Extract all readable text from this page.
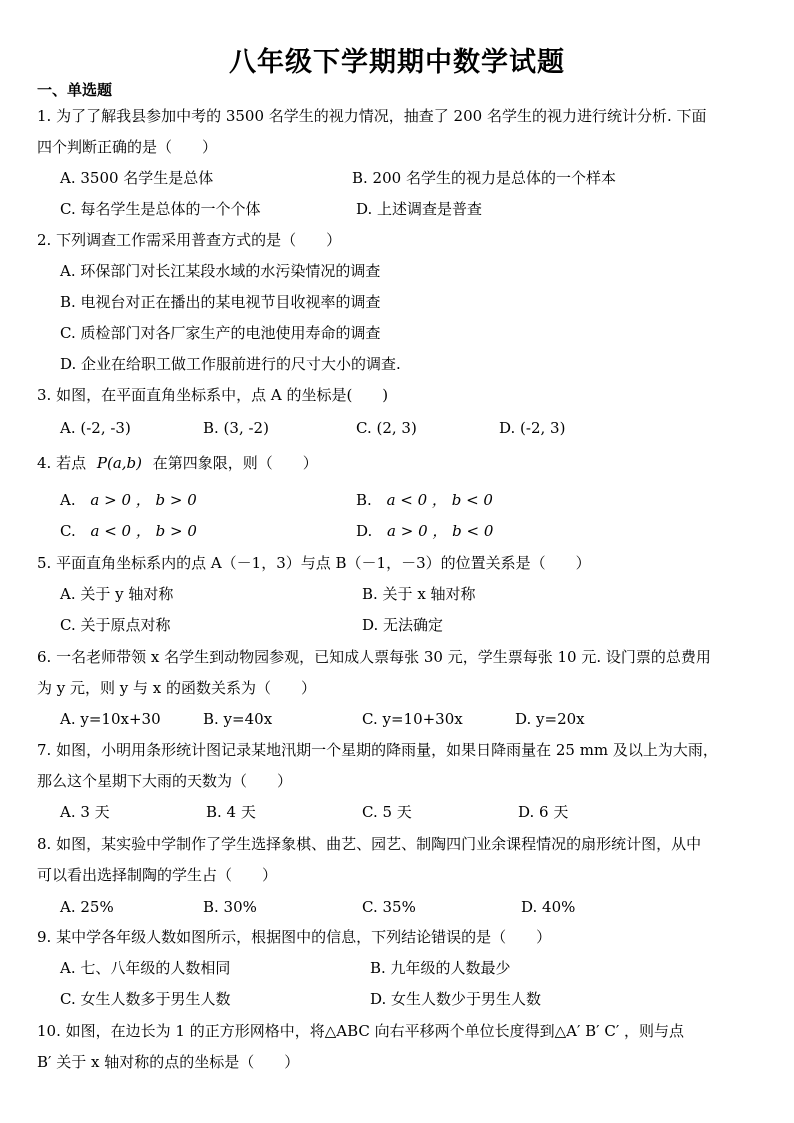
八年级下学期期中数学试题
一、单选题
1. 为了了解我县参加中考的 3500 名学生的视力情况，抽查了 200 名学生的视力进行统计分析. 下面
四个判断正确的是（　　）
A. 3500 名学生是总体	B. 200 名学生的视力是总体的一个样本
C. 每名学生是总体的一个个体	D. 上述调查是普查
2. 下列调查工作需采用普查方式的是（　　）
A. 环保部门对长江某段水域的水污染情况的调查
B. 电视台对正在播出的某电视节目收视率的调查
C. 质检部门对各厂家生产的电池使用寿命的调查
D. 企业在给职工做工作服前进行的尺寸大小的调查.
3. 如图，在平面直角坐标系中，点 A 的坐标是(　　)
A. (-2, -3)	B. (3, -2)	C. (2, 3)	D. (-2, 3)
4. 若点 P(a,b) 在第四象限，则（　　）
A. a > 0 ， b > 0	B. a < 0 ， b < 0
C. a < 0 ， b > 0	D. a > 0 ， b < 0
5. 平面直角坐标系内的点 A（－1，3）与点 B（－1，－3）的位置关系是（　　）
A. 关于 y 轴对称	B. 关于 x 轴对称
C. 关于原点对称	D. 无法确定
6. 一名老师带领 x 名学生到动物园参观，已知成人票每张 30 元，学生票每张 10 元. 设门票的总费用
为 y 元，则 y 与 x 的函数关系为（　　）
A. y=10x+30	B. y=40x	C. y=10+30x	D. y=20x
7. 如图，小明用条形统计图记录某地汛期一个星期的降雨量，如果日降雨量在 25 mm 及以上为大雨，
那么这个星期下大雨的天数为（　　）
A. 3 天	B. 4 天	C. 5 天	D. 6 天
8. 如图，某实验中学制作了学生选择象棋、曲艺、园艺、制陶四门业余课程情况的扇形统计图，从中
可以看出选择制陶的学生占（　　）
A. 25%	B. 30%	C. 35%	D. 40%
9. 某中学各年级人数如图所示，根据图中的信息，下列结论错误的是（　　）
A. 七、八年级的人数相同	B. 九年级的人数最少
C. 女生人数多于男生人数	D. 女生人数少于男生人数
10. 如图，在边长为 1 的正方形网格中，将△ABC 向右平移两个单位长度得到△A′ B′ C′ ，则与点
B′ 关于 x 轴对称的点的坐标是（　　）
